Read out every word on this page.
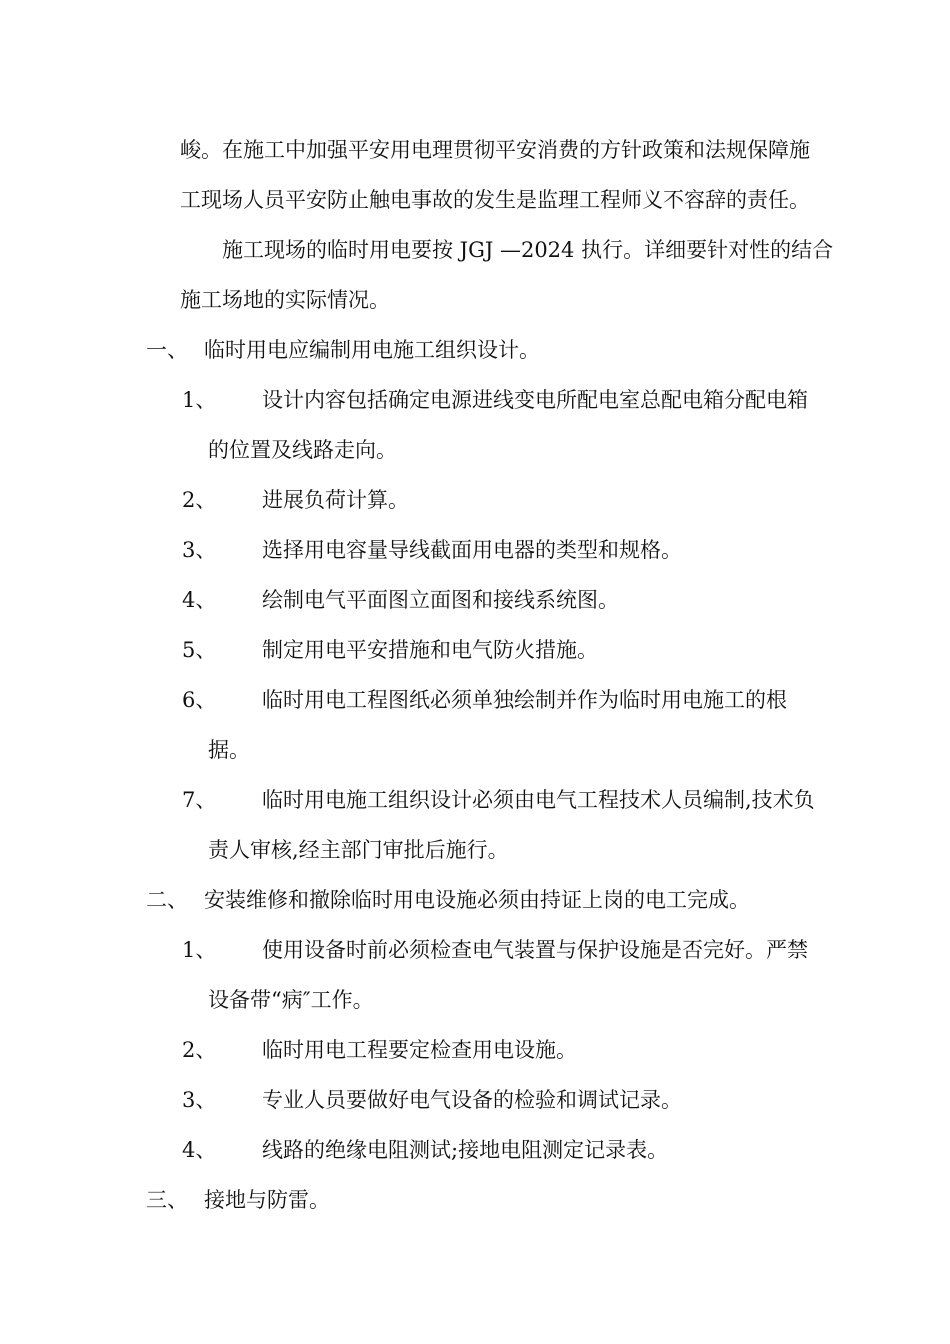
峻。在施工中加强平安用电理贯彻平安消费的方针政策和法规保障施
工现场人员平安防止触电事故的发生是监理工程师义不容辞的责任。
施工现场的临时用电要按 JGJ —2024 执行。详细要针对性的结合
施工场地的实际情况。
一、 临时用电应编制用电施工组织设计。
1、 设计内容包括确定电源进线变电所配电室总配电箱分配电箱
的位置及线路走向。
2、 进展负荷计算。
3、 选择用电容量导线截面用电器的类型和规格。
4、 绘制电气平面图立面图和接线系统图。
5、 制定用电平安措施和电气防火措施。
6、 临时用电工程图纸必须单独绘制并作为临时用电施工的根
据。
7、 临时用电施工组织设计必须由电气工程技术人员编制,技术负
责人审核,经主部门审批后施行。
二、 安装维修和撤除临时用电设施必须由持证上岗的电工完成。
1、 使用设备时前必须检查电气装置与保护设施是否完好。严禁
设备带“病″工作。
2、 临时用电工程要定检查用电设施。
3、 专业人员要做好电气设备的检验和调试记录。
4、 线路的绝缘电阻测试;接地电阻测定记录表。
三、 接地与防雷。
